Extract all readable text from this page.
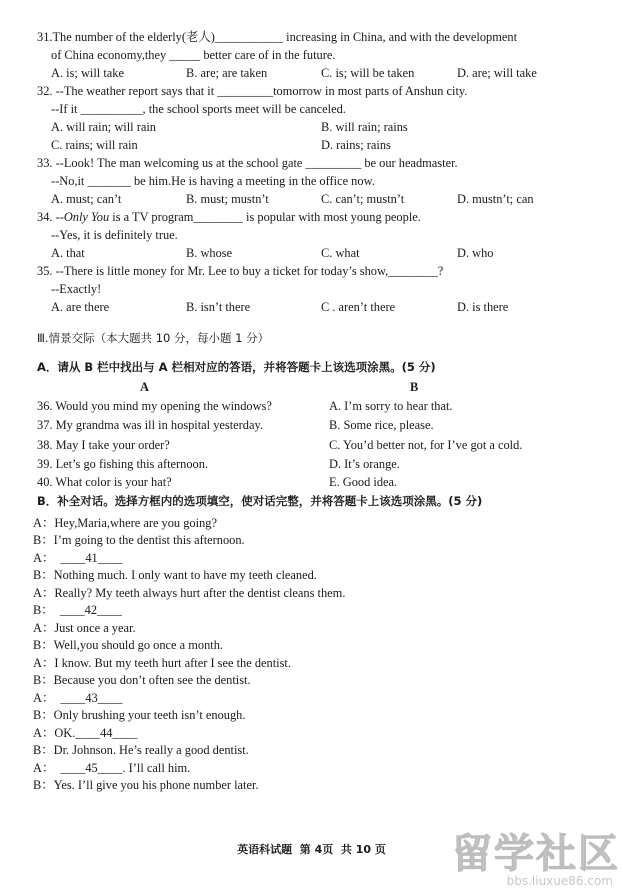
31.The number of the elderly(老人)___________ increasing in China, and with the development
of China economy,they _____ better care of in the future.
A. is; will take	B. are; are taken	C. is; will be taken	D. are; will take
32. --The weather report says that it _________tomorrow in most parts of Anshun city.
--If it __________, the school sports meet will be canceled.
A. will rain; will rain	B. will rain; rains
C. rains; will rain	D. rains; rains
33. --Look! The man welcoming us at the school gate _________ be our headmaster.
--No,it _______ be him.He is having a meeting in the office now.
A. must; can’t	B. must; mustn’t	C. can’t; mustn’t	D. mustn’t; can
34. --Only You is a TV program________ is popular with most young people.
--Yes, it is definitely true.
A. that	B. whose	C. what	D. who
35. --There is little money for Mr. Lee to buy a ticket for today’s show,________?
--Exactly!
A. are there	B. isn’t there	C . aren’t there	D. is there
Ⅲ.情景交际（本大题共 10 分，每小题 1 分）
A．请从 B 栏中找出与 A 栏相对应的答语，并将答题卡上该选项涂黑。(5 分)
A	B
36. Would you mind my opening the windows?	A. I’m sorry to hear that.
37. My grandma was ill in hospital yesterday.	B. Some rice, please.
38. May I take your order?	C. You’d better not, for I’ve got a cold.
39. Let’s go fishing this afternoon.	D. It’s orange.
40. What color is your hat?	E. Good idea.
B．补全对话。选择方框内的选项填空，使对话完整，并将答题卡上该选项涂黑。(5 分)
A：Hey,Maria,where are you going?
B：I’m going to the dentist this afternoon.
A：  ____41____
B：Nothing much. I only want to have my teeth cleaned.
A：Really? My teeth always hurt after the dentist cleans them.
B：  ____42____
A：Just once a year.
B：Well,you should go once a month.
A：I know. But my teeth hurt after I see the dentist.
B：Because you don’t often see the dentist.
A：  ____43____
B：Only brushing your teeth isn’t enough.
A：OK.____44____
B：Dr. Johnson. He’s really a good dentist.
A：  ____45____. I’ll call him.
B：Yes. I’ll give you his phone number later.
英语科试题  第 4页  共 10 页	留学社区
bbs.liuxue86.com
